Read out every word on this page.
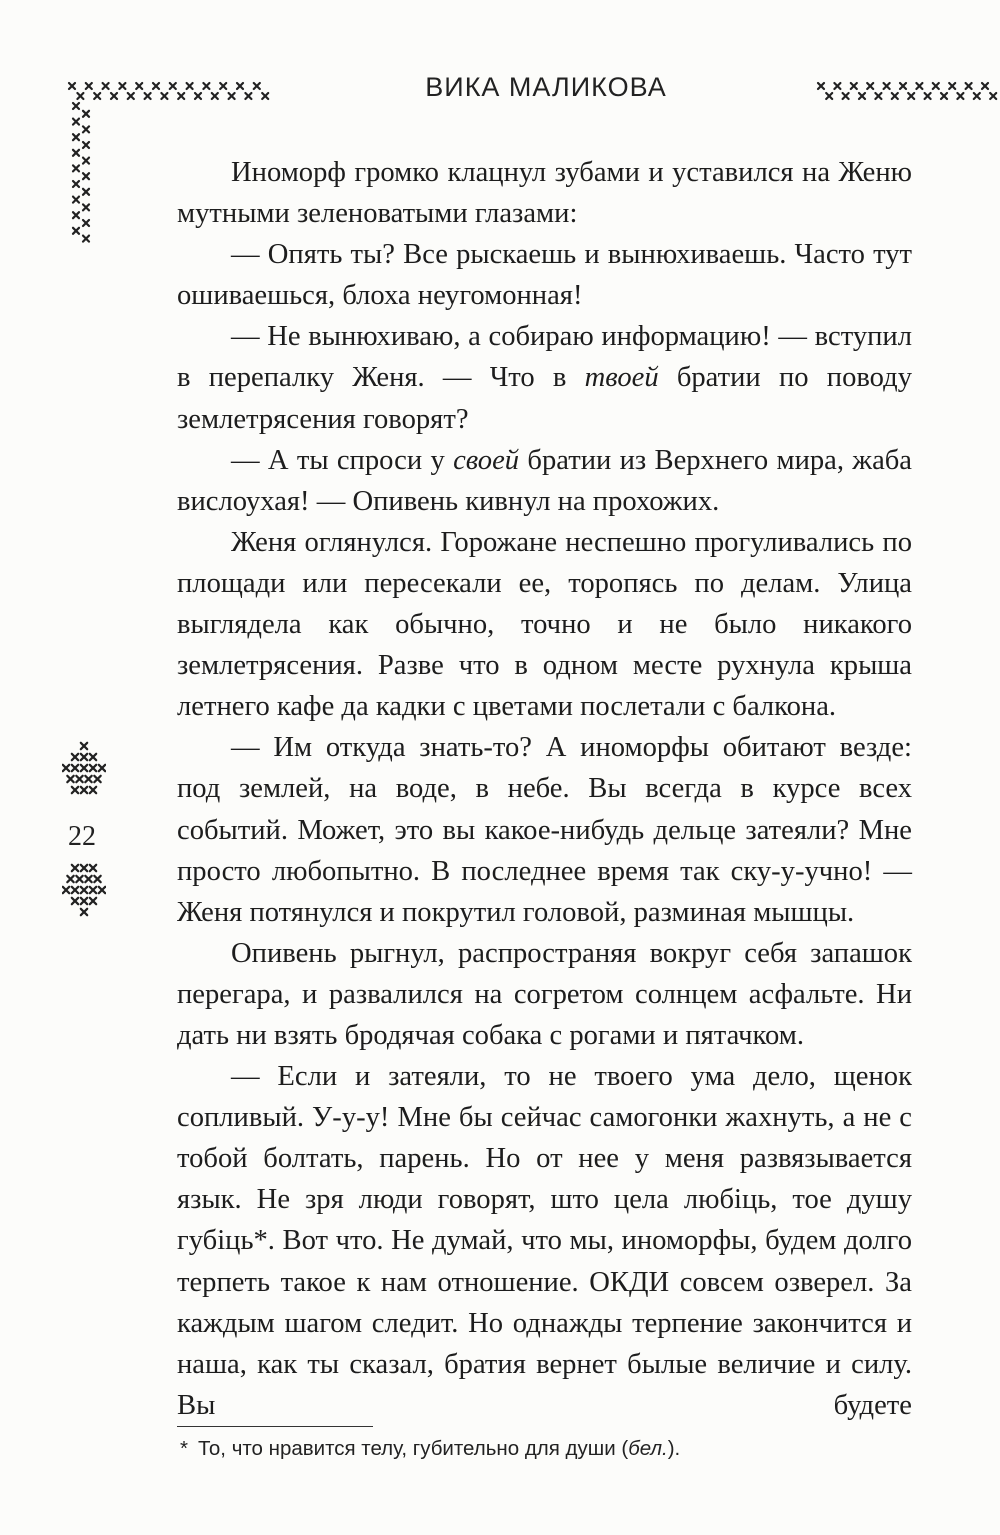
ВИКА МАЛИКОВА
22

Иноморф громко клацнул зубами и уставился на Женю мутными зеленоватыми глазами:

— Опять ты? Все рыскаешь и вынюхиваешь. Часто тут ошиваешься, блоха неугомонная!

— Не вынюхиваю, а собираю информацию! — вступил в перепалку Женя. — Что в твоей братии по поводу землетрясения говорят?

— А ты спроси у своей братии из Верхнего мира, жаба вислоухая! — Опивень кивнул на прохожих.

Женя оглянулся. Горожане неспешно прогуливались по площади или пересекали ее, торопясь по делам. Улица выглядела как обычно, точно и не было никакого землетрясения. Разве что в одном месте рухнула крыша летнего кафе да кадки с цветами послетали с балкона.

— Им откуда знать-то? А иноморфы обитают везде: под землей, на воде, в небе. Вы всегда в курсе всех событий. Может, это вы какое-нибудь дельце затеяли? Мне просто любопытно. В последнее время так ску-у-учно! — Женя потянулся и покрутил головой, разминая мышцы.

Опивень рыгнул, распространяя вокруг себя запашок перегара, и развалился на согретом солнцем асфальте. Ни дать ни взять бродячая собака с рогами и пятачком.

— Если и затеяли, то не твоего ума дело, щенок сопливый. У-у-у! Мне бы сейчас самогонки жахнуть, а не с тобой болтать, парень. Но от нее у меня развязывается язык. Не зря люди говорят, што цела любіць, тое душу губіць*. Вот что. Не думай, что мы, иноморфы, будем долго терпеть такое к нам отношение. ОКДИ совсем озверел. За каждым шагом следит. Но однажды терпение закончится и наша, как ты сказал, братия вернет былые величие и силу. Вы будете

* То, что нравится телу, губительно для души (бел.).
